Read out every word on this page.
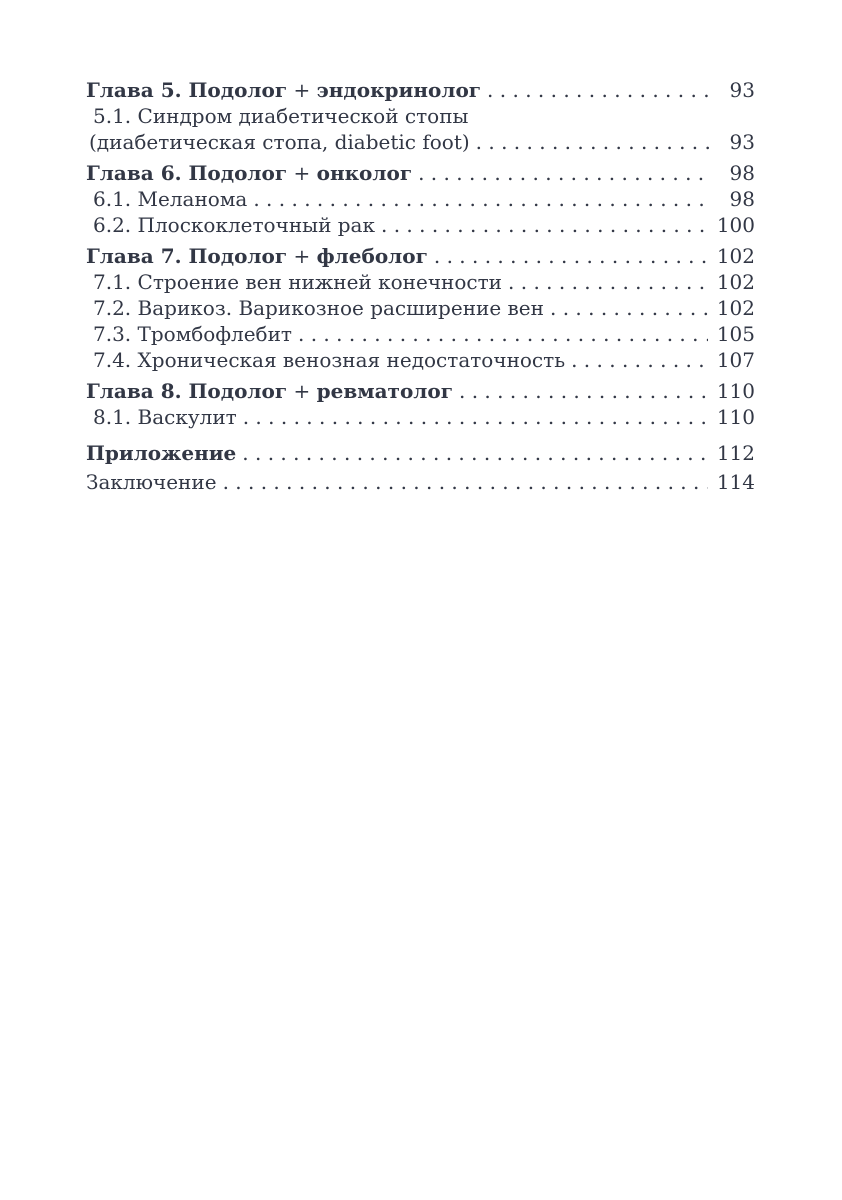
Глава 5. Подолог + эндокринолог . . .	93
5.1. Синдром диабетической стопы
(диабетическая стопа, diabetic foot) . . .	93
Глава 6. Подолог + онколог . . .	98
6.1. Меланома . . .	98
6.2. Плоскоклеточный рак . . .	100
Глава 7. Подолог + флеболог . . .	102
7.1. Строение вен нижней конечности . . .	102
7.2. Варикоз. Варикозное расширение вен . . .	102
7.3. Тромбофлебит . . .	105
7.4. Хроническая венозная недостаточность . . .	107
Глава 8. Подолог + ревматолог . . .	110
8.1. Васкулит . . .	110
Приложение . . .	112
Заключение . . .	114
